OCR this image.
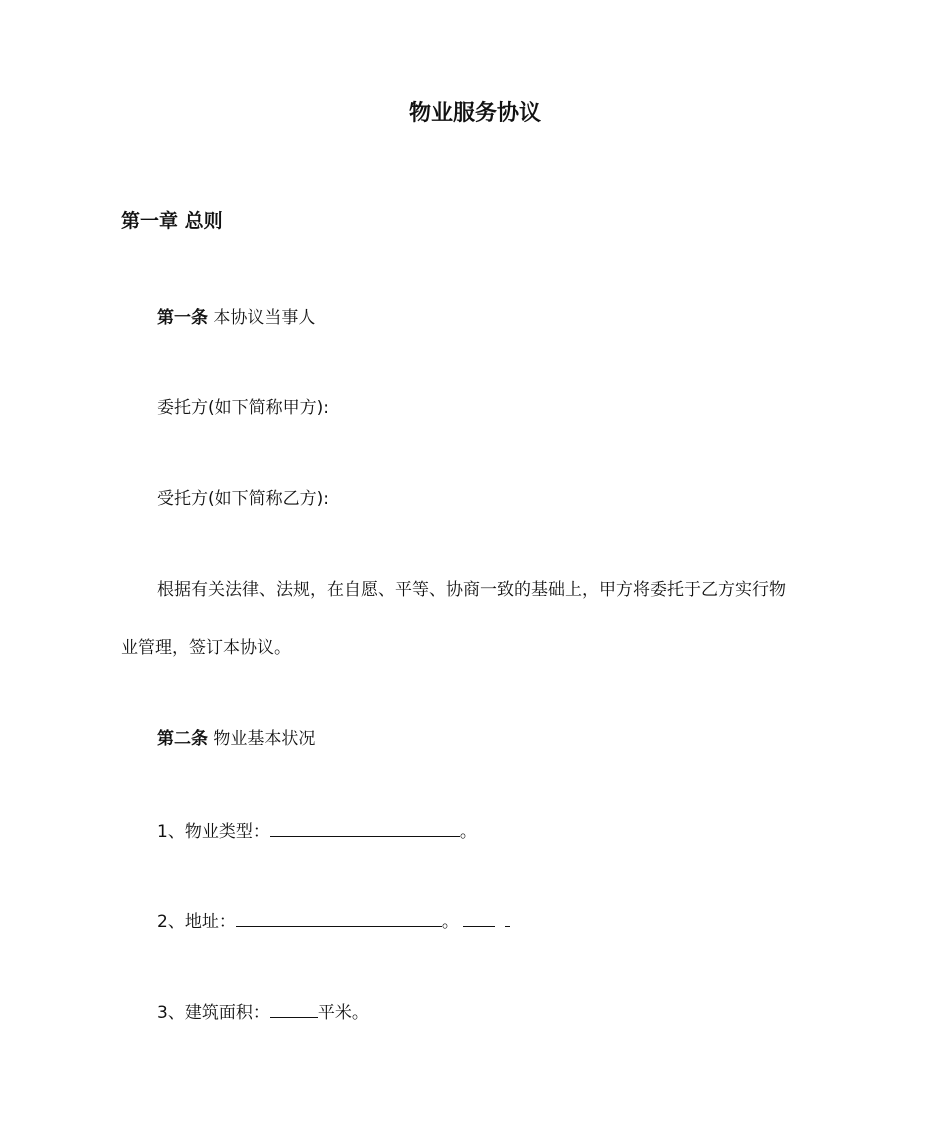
物业服务协议
第一章 总则
第一条 本协议当事人
委托方(如下简称甲方):
受托方(如下简称乙方):
根据有关法律、法规，在自愿、平等、协商一致的基础上，甲方将委托于乙方实行物
业管理，签订本协议。
第二条 物业基本状况
1、物业类型：	。
2、地址：	。
3、建筑面积：	平米。
